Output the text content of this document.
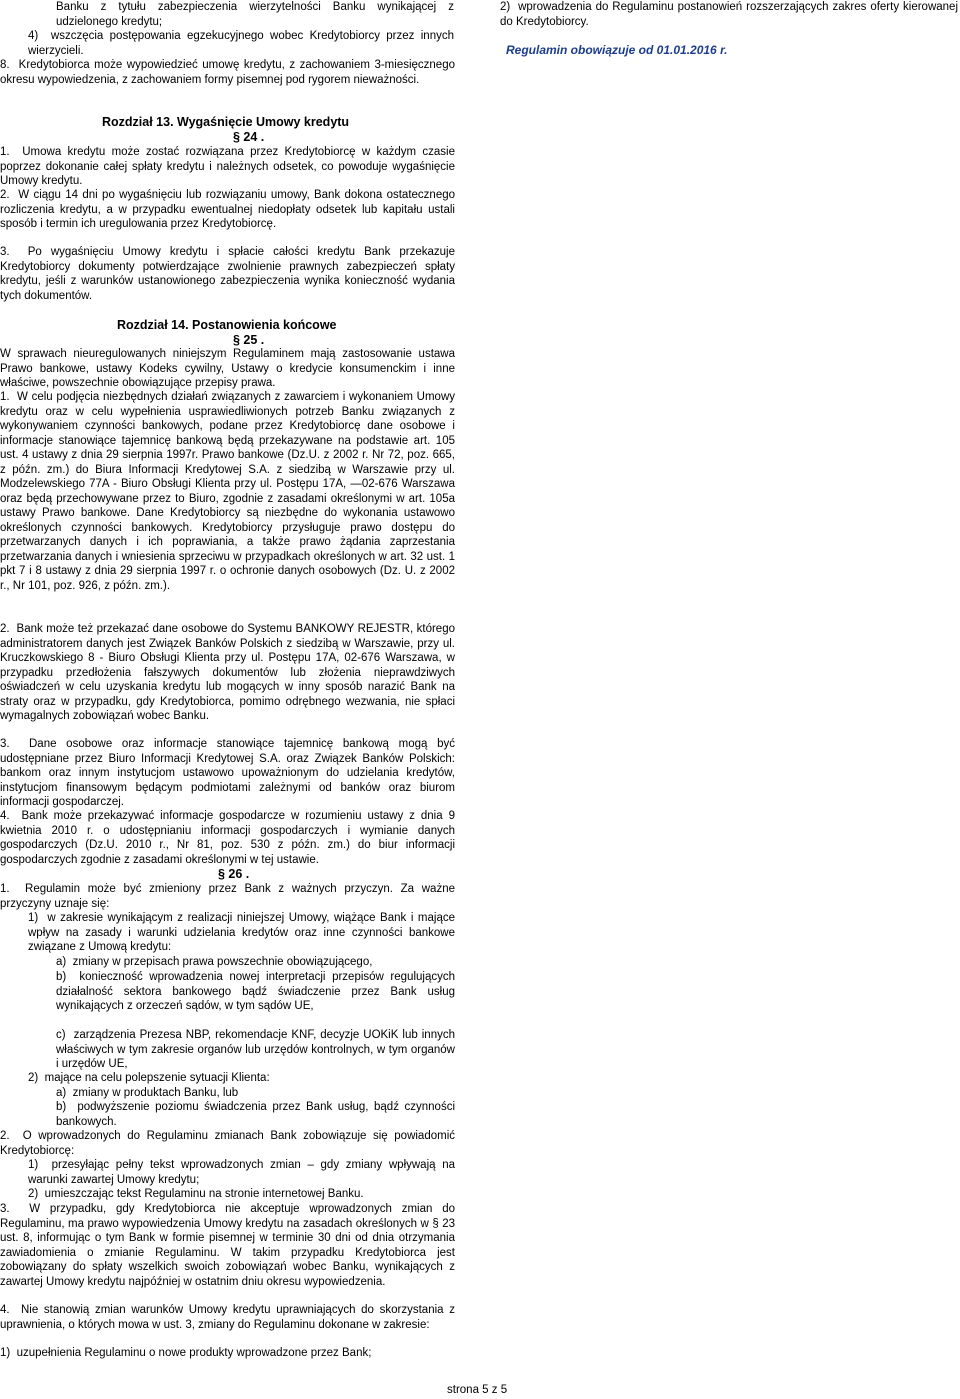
Banku z tytułu zabezpieczenia wierzytelności Banku wynikającej z udzielonego kredytu;

4)  wszczęcia postępowania egzekucyjnego wobec Kredytobiorcy przez innych wierzycieli.

8.  Kredytobiorca może wypowiedzieć umowę kredytu, z zachowaniem 3-miesięcznego okresu wypowiedzenia, z zachowaniem formy pisemnej pod rygorem nieważności.

Rozdział 13. Wygaśnięcie Umowy kredytu

§ 24 .

1.  Umowa kredytu może zostać rozwiązana przez Kredytobiorcę w każdym czasie poprzez dokonanie całej spłaty kredytu i należnych odsetek, co powoduje wygaśnięcie Umowy kredytu.

2.  W ciągu 14 dni po wygaśnięciu lub rozwiązaniu umowy, Bank dokona ostatecznego rozliczenia kredytu, a w przypadku ewentualnej niedopłaty odsetek lub kapitału ustali sposób i termin ich uregulowania przez Kredytobiorcę.

3.  Po wygaśnięciu Umowy kredytu i spłacie całości kredytu Bank przekazuje Kredytobiorcy dokumenty potwierdzające zwolnienie prawnych zabezpieczeń spłaty kredytu, jeśli z warunków ustanowionego zabezpieczenia wynika konieczność wydania tych dokumentów.

Rozdział 14. Postanowienia końcowe

§ 25 .

W sprawach nieuregulowanych niniejszym Regulaminem mają zastosowanie ustawa Prawo bankowe, ustawy Kodeks cywilny, Ustawy o kredycie konsumenckim i inne właściwe, powszechnie obowiązujące przepisy prawa.

1.  W celu podjęcia niezbędnych działań związanych z zawarciem i wykonaniem Umowy kredytu oraz w celu wypełnienia usprawiedliwionych potrzeb Banku związanych z wykonywaniem czynności bankowych, podane przez Kredytobiorcę dane osobowe i informacje stanowiące tajemnicę bankową będą przekazywane na podstawie art. 105 ust. 4 ustawy z dnia 29 sierpnia 1997r. Prawo bankowe (Dz.U. z 2002 r. Nr 72, poz. 665, z późn. zm.) do Biura Informacji Kredytowej S.A. z siedzibą w Warszawie przy ul. Modzelewskiego 77A - Biuro Obsługi Klienta przy ul. Postępu 17A, —02-676 Warszawa oraz będą przechowywane przez to Biuro, zgodnie z zasadami określonymi w art. 105a ustawy Prawo bankowe. Dane Kredytobiorcy są niezbędne do wykonania ustawowo określonych czynności bankowych. Kredytobiorcy przysługuje prawo dostępu do przetwarzanych danych i ich poprawiania, a także prawo żądania zaprzestania przetwarzania danych i wniesienia sprzeciwu w przypadkach określonych w art. 32 ust. 1 pkt 7 i 8 ustawy z dnia 29 sierpnia 1997 r. o ochronie danych osobowych (Dz. U. z 2002 r., Nr 101, poz. 926, z późn. zm.).

2.  Bank może też przekazać dane osobowe do Systemu BANKOWY REJESTR, którego administratorem danych jest Związek Banków Polskich z siedzibą w Warszawie, przy ul. Kruczkowskiego 8 - Biuro Obsługi Klienta przy ul. Postępu 17A, 02-676 Warszawa, w przypadku przedłożenia fałszywych dokumentów lub złożenia nieprawdziwych oświadczeń w celu uzyskania kredytu lub mogących w inny sposób narazić Bank na straty oraz w przypadku, gdy Kredytobiorca, pomimo odrębnego wezwania, nie spłaci wymagalnych zobowiązań wobec Banku.

3.  Dane osobowe oraz informacje stanowiące tajemnicę bankową mogą być udostępniane przez Biuro Informacji Kredytowej S.A. oraz Związek Banków Polskich: bankom oraz innym instytucjom ustawowo upoważnionym do udzielania kredytów, instytucjom finansowym będącym podmiotami zależnymi od banków oraz biurom informacji gospodarczej.

4.  Bank może przekazywać informacje gospodarcze w rozumieniu ustawy z dnia 9 kwietnia 2010 r. o udostępnianiu informacji gospodarczych i wymianie danych gospodarczych (Dz.U. 2010 r., Nr 81, poz. 530 z późn. zm.) do biur informacji gospodarczych zgodnie z zasadami określonymi w tej ustawie.

§ 26 .

1.  Regulamin może być zmieniony przez Bank z ważnych przyczyn. Za ważne przyczyny uznaje się:

1)  w zakresie wynikającym z realizacji niniejszej Umowy, wiążące Bank i mające wpływ na zasady i warunki udzielania kredytów oraz inne czynności bankowe związane z Umową kredytu:

a)  zmiany w przepisach prawa powszechnie obowiązującego,

b)  konieczność wprowadzenia nowej interpretacji przepisów regulujących działalność sektora bankowego bądź świadczenie przez Bank usług wynikających z orzeczeń sądów, w tym sądów UE,

c)  zarządzenia Prezesa NBP, rekomendacje KNF, decyzje UOKiK lub innych właściwych w tym zakresie organów lub urzędów kontrolnych, w tym organów i urzędów UE,

2)  mające na celu polepszenie sytuacji Klienta:

a)  zmiany w produktach Banku, lub

b)  podwyższenie poziomu świadczenia przez Bank usług, bądź czynności bankowych.

2.  O wprowadzonych do Regulaminu zmianach Bank zobowiązuje się powiadomić Kredytobiorcę:

1)  przesyłając pełny tekst wprowadzonych zmian – gdy zmiany wpływają na warunki zawartej Umowy kredytu;

2)  umieszczając tekst Regulaminu na stronie internetowej Banku.

3.  W przypadku, gdy Kredytobiorca nie akceptuje wprowadzonych zmian do Regulaminu, ma prawo wypowiedzenia Umowy kredytu na zasadach określonych w § 23 ust. 8, informując o tym Bank w formie pisemnej w terminie 30 dni od dnia otrzymania zawiadomienia o zmianie Regulaminu. W takim przypadku Kredytobiorca jest zobowiązany do spłaty wszelkich swoich zobowiązań wobec Banku, wynikających z zawartej Umowy kredytu najpóźniej w ostatnim dniu okresu wypowiedzenia.

4.  Nie stanowią zmian warunków Umowy kredytu uprawniających do skorzystania z uprawnienia, o których mowa w ust. 3, zmiany do Regulaminu dokonane w zakresie:

1)  uzupełnienia Regulaminu o nowe produkty wprowadzone przez Bank;

2)  wprowadzenia do Regulaminu postanowień rozszerzających zakres oferty kierowanej do Kredytobiorcy.

Regulamin obowiązuje od 01.01.2016 r.

strona 5 z 5
